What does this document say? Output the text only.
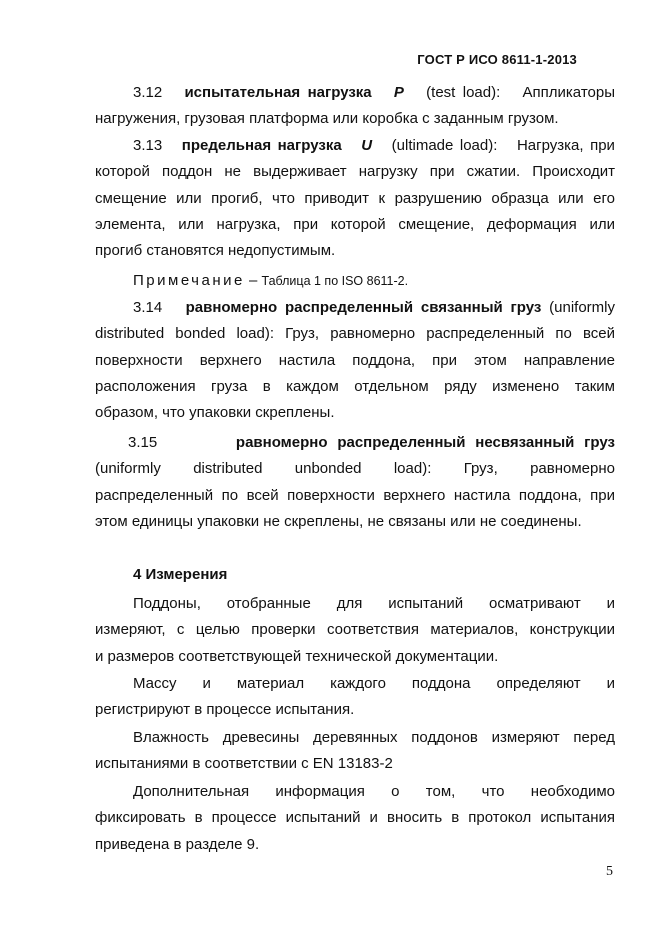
ГОСТ Р ИСО 8611-1-2013
3.12 испытательная нагрузка P (test load): Аппликаторы
нагружения, грузовая платформа или коробка с заданным грузом.
3.13 предельная нагрузка U (ultimade load): Нагрузка, при
которой поддон не выдерживает нагрузку при сжатии. Происходит
смещение или прогиб, что приводит к разрушению образца или его
элемента, или нагрузка, при которой смещение, деформация или
прогиб становятся недопустимым.
Примечание – Таблица 1 по ISO 8611-2.
3.14 равномерно распределенный связанный груз (uniformly
distributed bonded load): Груз, равномерно распределенный по всей
поверхности верхнего настила поддона, при этом направление
расположения груза в каждом отдельном ряду изменено таким
образом, что упаковки скреплены.
3.15	равномерно распределенный несвязанный груз
(uniformly distributed unbonded load): Груз, равномерно
распределенный по всей поверхности верхнего настила поддона, при
этом единицы упаковки не скреплены, не связаны или не соединены.
4 Измерения
Поддоны, отобранные для испытаний осматривают и
измеряют, с целью проверки соответствия материалов, конструкции
и размеров соответствующей технической документации.
Массу и материал каждого поддона определяют и
регистрируют в процессе испытания.
Влажность древесины деревянных поддонов измеряют перед
испытаниями в соответствии с EN 13183-2
Дополнительная информация о том, что необходимо
фиксировать в процессе испытаний и вносить в протокол испытания
приведена в разделе 9.
5
